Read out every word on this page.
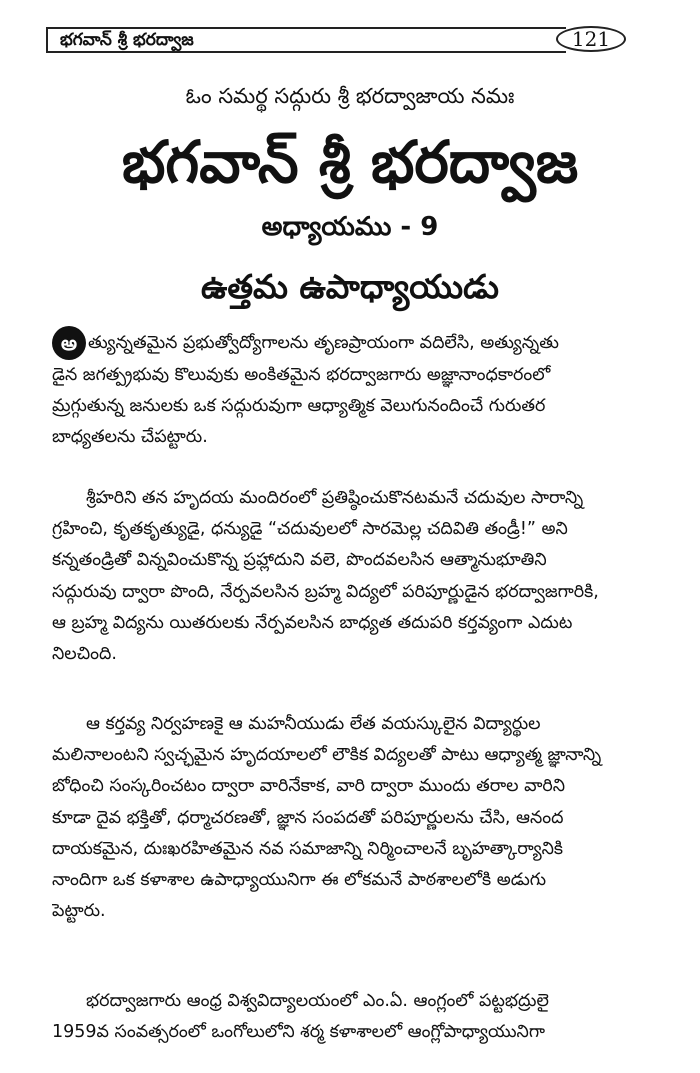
భగవాన్ శ్రీ భరద్వాజ	121
ఓం సమర్థ సద్గురు శ్రీ భరద్వాజాయ నమః
భగవాన్ శ్రీ భరద్వాజ
అధ్యాయము - 9
ఉత్తమ ఉపాధ్యాయుడు
అ త్యున్నతమైన ప్రభుత్వోద్యోగాలను తృణప్రాయంగా వదిలేసి, అత్యున్నతు
డైన జగత్ప్రభువు కొలువుకు అంకితమైన భరద్వాజగారు అజ్ఞానాంధకారంలో
మ్రగ్గుతున్న జనులకు ఒక సద్గురువుగా ఆధ్యాత్మిక వెలుగునందించే గురుతర
బాధ్యతలను చేపట్టారు.
శ్రీహరిని తన హృదయ మందిరంలో ప్రతిష్ఠించుకొనటమనే చదువుల సారాన్ని
గ్రహించి, కృతకృత్యుడై, ధన్యుడై “చదువులలో సారమెల్ల చదివితి తండ్రీ!” అని
కన్నతండ్రితో విన్నవించుకొన్న ప్రహ్లాదుని వలె, పొందవలసిన ఆత్మానుభూతిని
సద్గురువు ద్వారా పొంది, నేర్పవలసిన బ్రహ్మ విద్యలో పరిపూర్ణుడైన భరద్వాజగారికి,
ఆ బ్రహ్మ విద్యను యితరులకు నేర్పవలసిన బాధ్యత తదుపరి కర్తవ్యంగా ఎదుట
నిలచింది.
ఆ కర్తవ్య నిర్వహణకై ఆ మహనీయుడు లేత వయస్కులైన విద్యార్థుల
మలినాలంటని స్వచ్ఛమైన హృదయాలలో లౌకిక విద్యలతో పాటు ఆధ్యాత్మ జ్ఞానాన్ని
బోధించి సంస్కరించటం ద్వారా వారినేకాక, వారి ద్వారా ముందు తరాల వారిని
కూడా దైవ భక్తితో, ధర్మాచరణతో, జ్ఞాన సంపదతో పరిపూర్ణులను చేసి, ఆనంద
దాయకమైన, దుఃఖరహితమైన నవ సమాజాన్ని నిర్మించాలనే బృహత్కార్యానికి
నాందిగా ఒక కళాశాల ఉపాధ్యాయునిగా ఈ లోకమనే పాఠశాలలోకి అడుగు
పెట్టారు.
భరద్వాజగారు ఆంధ్ర విశ్వవిద్యాలయంలో ఎం.ఏ. ఆంగ్లంలో పట్టభద్రులై
1959వ సంవత్సరంలో ఒంగోలులోని శర్మ కళాశాలలో ఆంగ్లోపాధ్యాయునిగా
